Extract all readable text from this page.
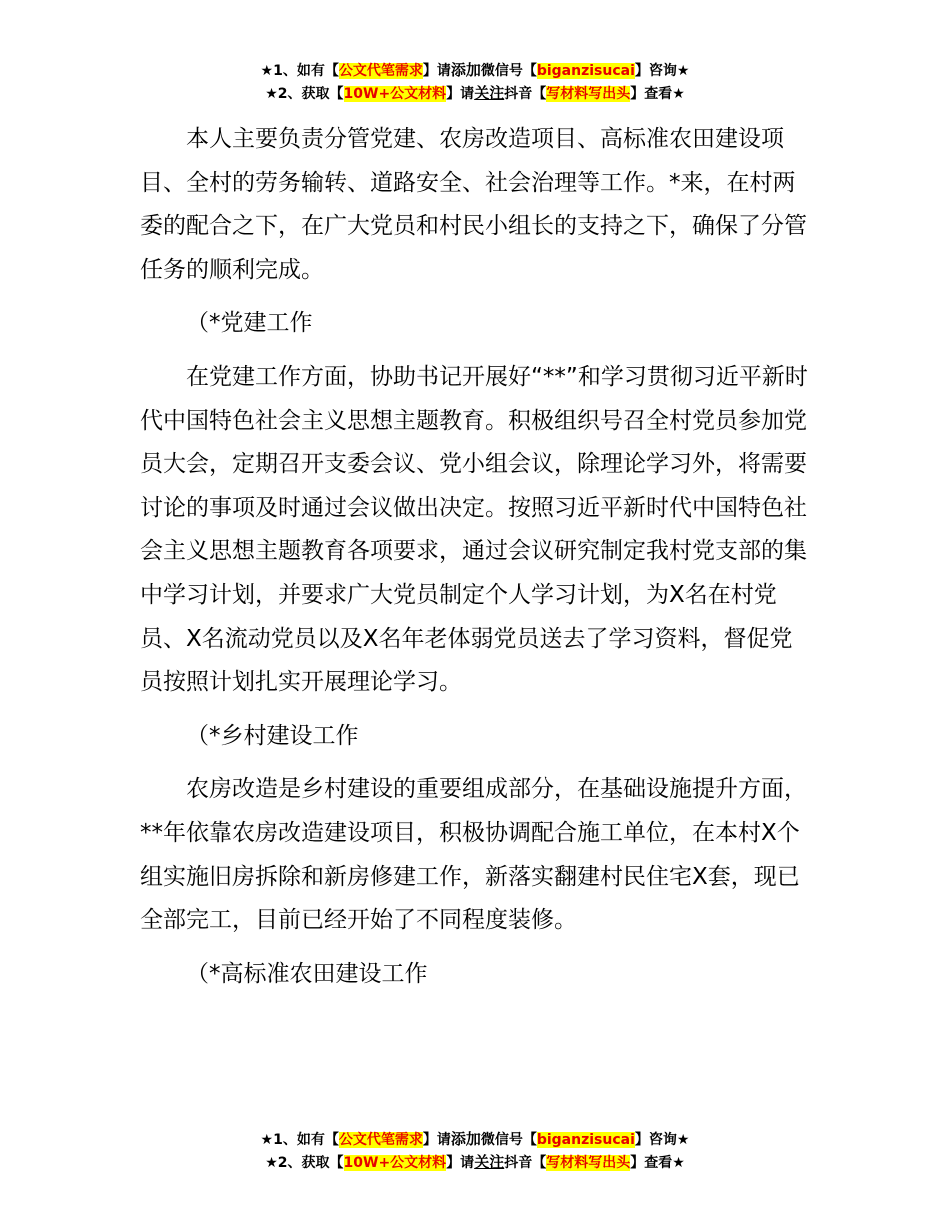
★1、如有【公文代笔需求】请添加微信号【biganzisucai】咨询★
★2、获取【10W+公文材料】请关注抖音【写材料写出头】查看★

本人主要负责分管党建、农房改造项目、高标准农田建设项目、全村的劳务输转、道路安全、社会治理等工作。*来，在村两委的配合之下，在广大党员和村民小组长的支持之下，确保了分管任务的顺利完成。

（*党建工作

在党建工作方面，协助书记开展好“**”和学习贯彻习近平新时代中国特色社会主义思想主题教育。积极组织号召全村党员参加党员大会，定期召开支委会议、党小组会议，除理论学习外，将需要讨论的事项及时通过会议做出决定。按照习近平新时代中国特色社会主义思想主题教育各项要求，通过会议研究制定我村党支部的集中学习计划，并要求广大党员制定个人学习计划，为X名在村党员、X名流动党员以及X名年老体弱党员送去了学习资料，督促党员按照计划扎实开展理论学习。

（*乡村建设工作

农房改造是乡村建设的重要组成部分，在基础设施提升方面，**年依靠农房改造建设项目，积极协调配合施工单位，在本村X个组实施旧房拆除和新房修建工作，新落实翻建村民住宅X套，现已全部完工，目前已经开始了不同程度装修。

（*高标准农田建设工作

★1、如有【公文代笔需求】请添加微信号【biganzisucai】咨询★
★2、获取【10W+公文材料】请关注抖音【写材料写出头】查看★
